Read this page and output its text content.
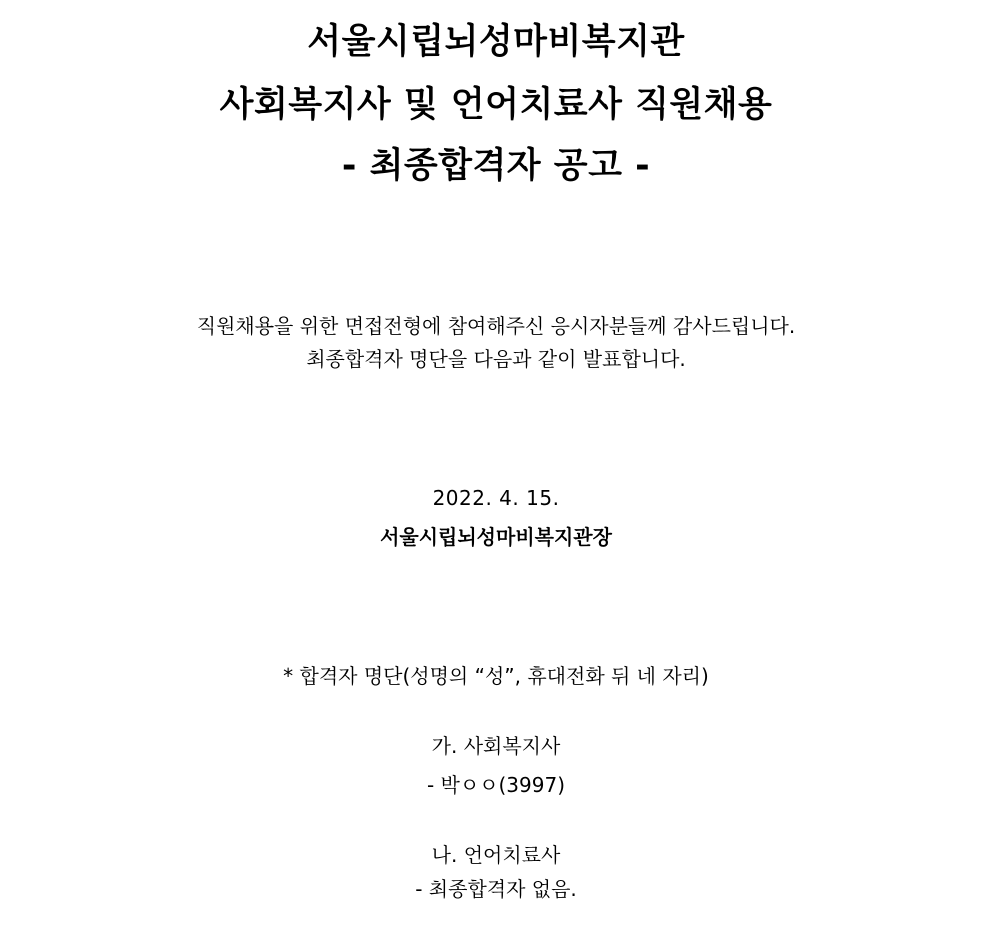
서울시립뇌성마비복지관
사회복지사 및 언어치료사 직원채용
- 최종합격자 공고 -
직원채용을 위한 면접전형에 참여해주신 응시자분들께 감사드립니다.
최종합격자 명단을 다음과 같이 발표합니다.
2022. 4. 15.
서울시립뇌성마비복지관장
* 합격자 명단(성명의 “성”, 휴대전화 뒤 네 자리)
가. 사회복지사
- 박ㅇㅇ(3997)
나. 언어치료사
- 최종합격자 없음.
